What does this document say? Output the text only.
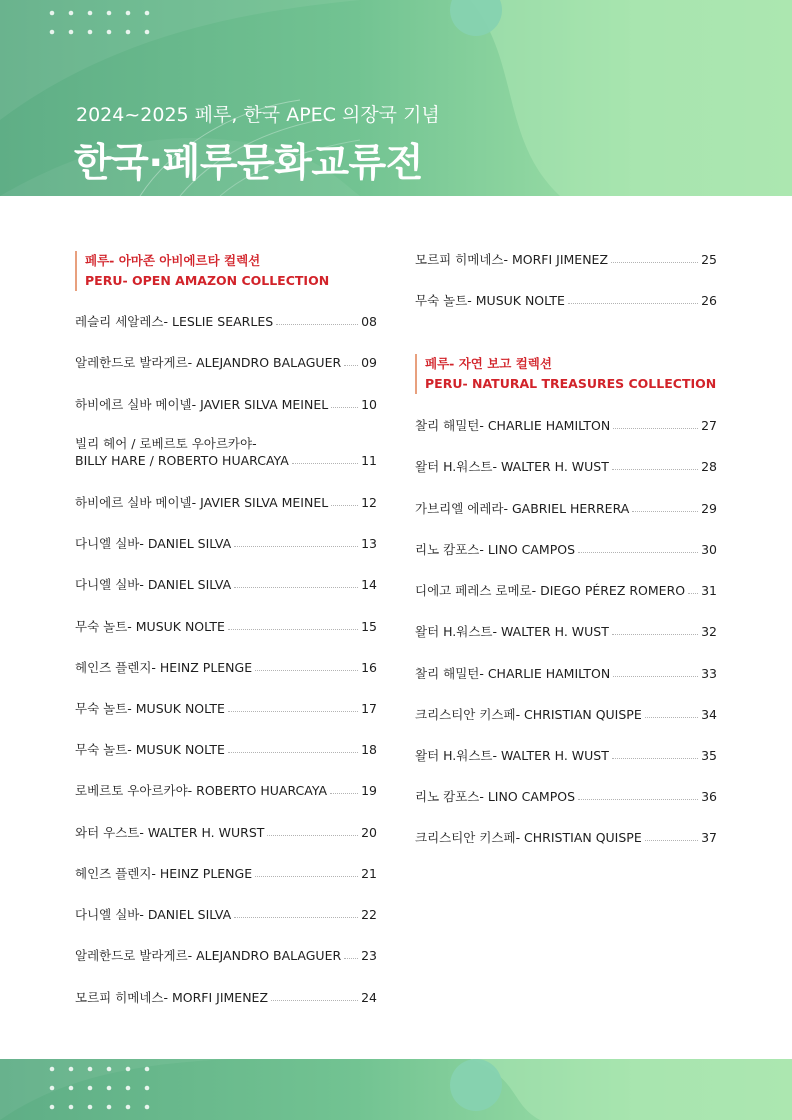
2024~2025 페루, 한국 APEC 의장국 기념
한국·페루문화교류전
페루- 아마존 아비에르타 컬렉션
PERU- OPEN AMAZON COLLECTION
레슬리 세알레스- LESLIE SEARLES	08
알레한드로 발라게르- ALEJANDRO BALAGUER 09
하비에르 실바 메이넬- JAVIER SILVA MEINEL	10
빌리 헤어 / 로베르토 우아르카야-
BILLY HARE / ROBERTO HUARCAYA	11
하비에르 실바 메이넬- JAVIER SILVA MEINEL	12
다니엘 실바- DANIEL SILVA	13
다니엘 실바- DANIEL SILVA	14
무숙 놀트- MUSUK NOLTE	15
헤인즈 플렌지- HEINZ PLENGE	16
무숙 놀트- MUSUK NOLTE	17
무숙 놀트- MUSUK NOLTE	18
로베르토 우아르카야- ROBERTO HUARCAYA	19
와터 우스트- WALTER H. WURST	20
헤인즈 플렌지- HEINZ PLENGE	21
다니엘 실바- DANIEL SILVA	22
알레한드로 발라게르- ALEJANDRO BALAGUER 23
모르피 히메네스- MORFI JIMENEZ	24
모르피 히메네스- MORFI JIMENEZ	25
무숙 놀트- MUSUK NOLTE	26
페루- 자연 보고 컬렉션
PERU- NATURAL TREASURES COLLECTION
찰리 해밀턴- CHARLIE HAMILTON	27
왈터 H.워스트- WALTER H. WUST	28
가브리엘 에레라- GABRIEL HERRERA	29
리노 캄포스- LINO CAMPOS	30
디에고 페레스 로메로- DIEGO PÉREZ ROMERO 31
왈터 H.워스트- WALTER H. WUST	32
찰리 해밀턴- CHARLIE HAMILTON	33
크리스티안 키스페- CHRISTIAN QUISPE	34
왈터 H.워스트- WALTER H. WUST	35
리노 캄포스- LINO CAMPOS	36
크리스티안 키스페- CHRISTIAN QUISPE	37
